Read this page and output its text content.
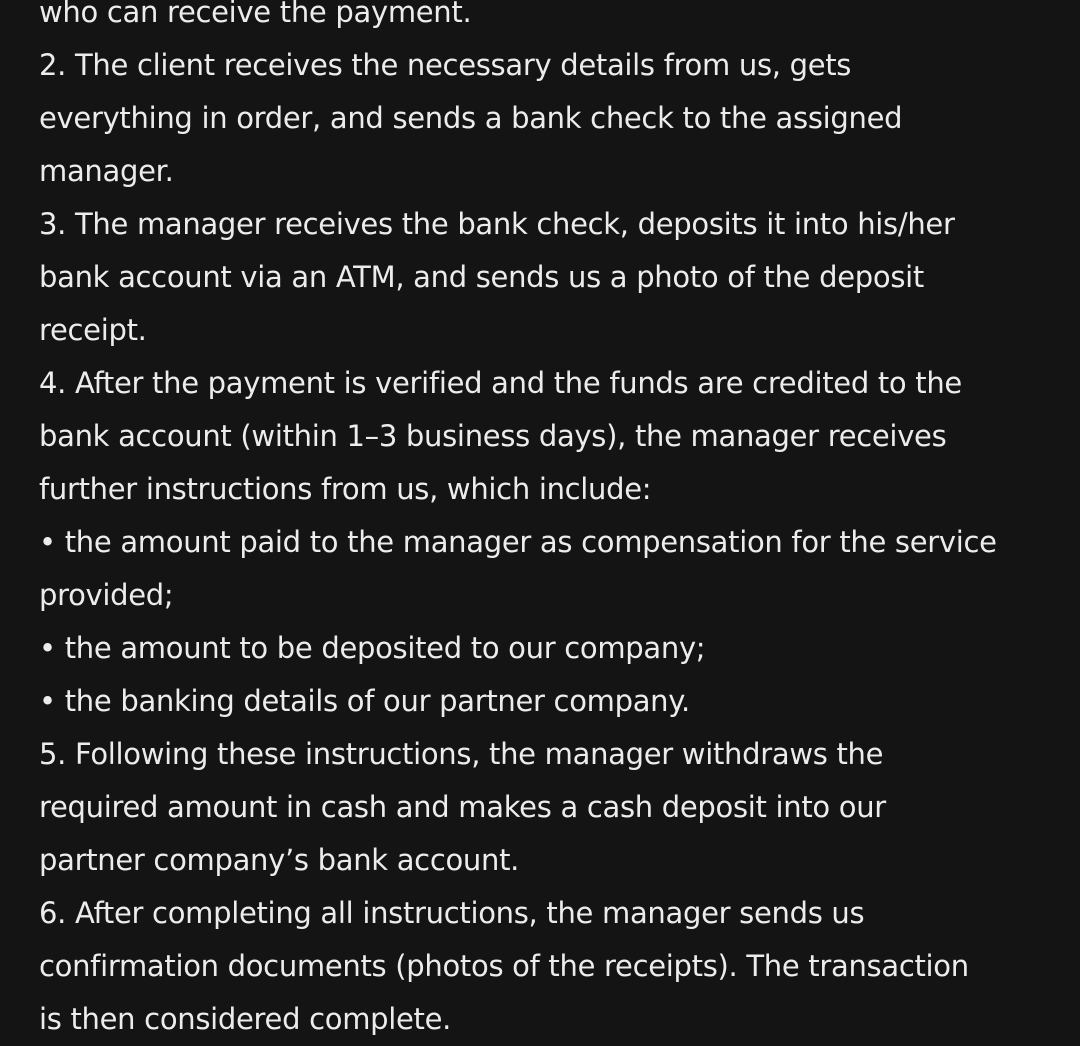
who can receive the payment.
2. The client receives the necessary details from us, gets
everything in order, and sends a bank check to the assigned
manager.
3. The manager receives the bank check, deposits it into his/her
bank account via an ATM, and sends us a photo of the deposit
receipt.
4. After the payment is verified and the funds are credited to the
bank account (within 1–3 business days), the manager receives
further instructions from us, which include:
• the amount paid to the manager as compensation for the service
provided;
• the amount to be deposited to our company;
• the banking details of our partner company.
5. Following these instructions, the manager withdraws the
required amount in cash and makes a cash deposit into our
partner company’s bank account.
6. After completing all instructions, the manager sends us
confirmation documents (photos of the receipts). The transaction
is then considered complete.
